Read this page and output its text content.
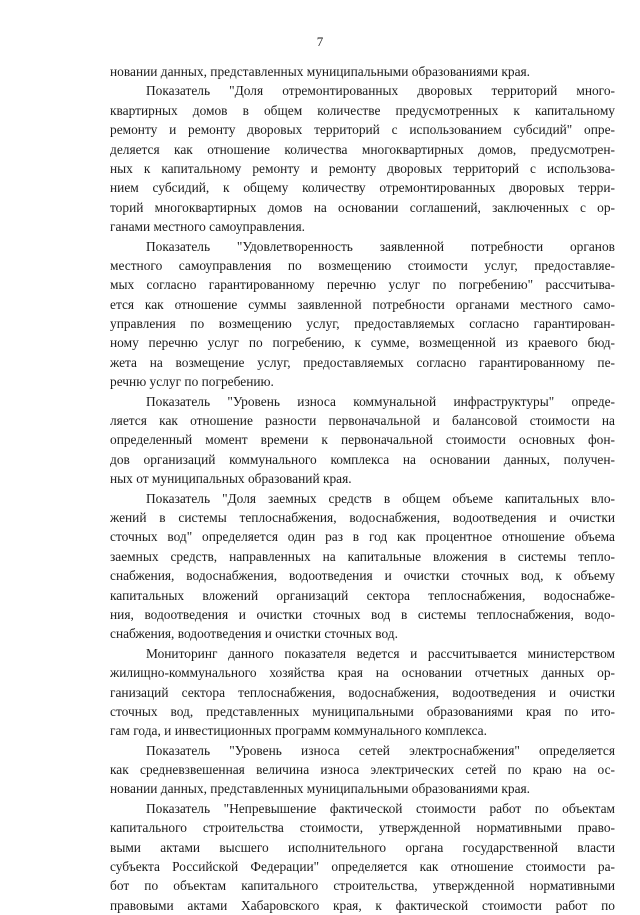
7
новании данных, представленных муниципальными образованиями края.
Показатель "Доля отремонтированных дворовых территорий много-
квартирных домов в общем количестве предусмотренных к капитальному
ремонту и ремонту дворовых территорий с использованием субсидий" опре-
деляется как отношение количества многоквартирных домов, предусмотрен-
ных к капитальному ремонту и ремонту дворовых территорий с использова-
нием субсидий, к общему количеству отремонтированных дворовых терри-
торий многоквартирных домов на основании соглашений, заключенных с ор-
ганами местного самоуправления.
Показатель "Удовлетворенность заявленной потребности органов
местного самоуправления по возмещению стоимости услуг, предоставляе-
мых согласно гарантированному перечню услуг по погребению" рассчитыва-
ется как отношение суммы заявленной потребности органами местного само-
управления по возмещению услуг, предоставляемых согласно гарантирован-
ному перечню услуг по погребению, к сумме, возмещенной из краевого бюд-
жета на возмещение услуг, предоставляемых согласно гарантированному пе-
речню услуг по погребению.
Показатель "Уровень износа коммунальной инфраструктуры" опреде-
ляется как отношение разности первоначальной и балансовой стоимости на
определенный момент времени к первоначальной стоимости основных фон-
дов организаций коммунального комплекса на основании данных, получен-
ных от муниципальных образований края.
Показатель "Доля заемных средств в общем объеме капитальных вло-
жений в системы теплоснабжения, водоснабжения, водоотведения и очистки
сточных вод" определяется один раз в год как процентное отношение объема
заемных средств, направленных на капитальные вложения в системы тепло-
снабжения, водоснабжения, водоотведения и очистки сточных вод, к объему
капитальных вложений организаций сектора теплоснабжения, водоснабже-
ния, водоотведения и очистки сточных вод в системы теплоснабжения, водо-
снабжения, водоотведения и очистки сточных вод.
Мониторинг данного показателя ведется и рассчитывается министерством
жилищно-коммунального хозяйства края на основании отчетных данных ор-
ганизаций сектора теплоснабжения, водоснабжения, водоотведения и очистки
сточных вод, представленных муниципальными образованиями края по ито-
гам года, и инвестиционных программ коммунального комплекса.
Показатель "Уровень износа сетей электроснабжения" определяется
как средневзвешенная величина износа электрических сетей по краю на ос-
новании данных, представленных муниципальными образованиями края.
Показатель "Непревышение фактической стоимости работ по объектам
капитального строительства стоимости, утвержденной нормативными право-
выми актами высшего исполнительного органа государственной власти
субъекта Российской Федерации" определяется как отношение стоимости ра-
бот по объектам капитального строительства, утвержденной нормативными
правовыми актами Хабаровского края, к фактической стоимости работ по
